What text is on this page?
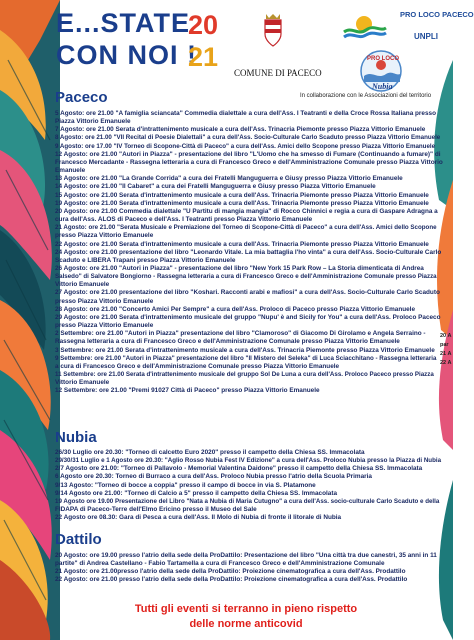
E...STATE
CON NOI !
20
21
COMUNE DI PACECO
PRO LOCO PACECO
UNPLI
PRO LOCO
Nubia
Paceco	In collaborazione con le Associazioni del territorio
5 Agosto: ore 21.00 "A famiglia sciancata" Commedia dialettale a cura dell'Ass. I Teatranti e della Croce Rossa Italiana presso
Piazza Vittorio Emanuele
7 Agosto: ore 21.00 Serata d'intrattenimento musicale a cura dell'Ass. Trinacria Piemonte presso Piazza Vittorio Emanuele
8 Agosto: ore 21.00 "VII Recital di Poesie Dialettali" a cura dell'Ass. Socio-Culturale Carlo Scaduto presso Piazza Vittorio Emanuele
9 Agosto: ore 17.00 "IV Torneo di Scopone-Città di Paceco" a cura dell'Ass. Amici dello Scopone presso Piazza Vittorio Emanuele
12 Agosto: ore 21.00 "Autori in Piazza" - presentazione del libro "L'Uomo che ha smesso di Fumare (Continuando a fumare)" di
Francesco Mercadante - Rassegna letteraria a cura di Francesco Greco e dell'Amministrazione Comunale presso Piazza Vittorio
Emanuele
13 Agosto: ore 21.00 "La Grande Corrida" a cura dei Fratelli Manguguerra e Giusy presso Piazza Vittorio Emanuele
14 Agosto: ore 21.00 "Il Cabaret" a cura dei Fratelli Manguguerra e Giusy presso Piazza Vittorio Emanuele
15 Agosto: ore 21.00 Serata d'intrattenimento musicale a cura dell'Ass. Trinacria Piemonte presso Piazza Vittorio Emanuele
19 Agosto: ore 21.00 Serata d'intrattenimento musicale a cura dell'Ass. Trinacria Piemonte presso Piazza Vittorio Emanuele
20 Agosto: ore 21.00 Commedia dialettale "U Partitu di mangia mangia" di Rocco Chinnici e regia a cura di Gaspare Adragna a
cura dell'Ass. ALOS di Paceco e dell'Ass. I Teatranti presso Piazza Vittorio Emanuele
21 Agosto: ore 21.00 "Serata Musicale e Premiazione del Torneo di Scopone-Città di Paceco" a cura dell'Ass. Amici dello Scopone
presso Piazza Vittorio Emanuele
22 Agosto: ore 21.00 Serata d'intrattenimento musicale a cura dell'Ass. Trinacria Piemonte presso Piazza Vittorio Emanuele
24 Agosto: ore 21.00 presentazione del libro "Leonardo Vitale. La mia battaglia l'ho vinta" a cura dell'Ass. Socio-Culturale Carlo
Scaduto e LIBERA Trapani presso Piazza Vittorio Emanuele
26 Agosto: ore 21.00 "Autori in Piazza" - presentazione del libro "New York 15 Park Row – La Storia dimenticata di Andrea
Salsedo" di Salvatore Bongiorno - Rassegna letteraria a cura di Francesco Greco e dell'Amministrazione Comunale presso Piazza
Vittorio Emanuele
27 Agosto: ore 21.00 presentazione del libro "Koshari. Racconti arabi e mafiosi" a cura dell'Ass. Socio-Culturale Carlo Scaduto
presso Piazza Vittorio Emanuele
28 Agosto: ore 21.00 "Concerto Amici Per Sempre" a cura dell'Ass. Proloco di Paceco presso Piazza Vittorio Emanuele
29 Agosto: ore 21.00 Serata d'intrattenimento musicale del gruppo "Nupu' è and Sicily for You" a cura dell'Ass. Proloco Paceco
presso Piazza Vittorio Emanuele
2 Settembre: ore 21.00 "Autori in Piazza" presentazione del libro "Clamoroso" di Giacomo Di Girolamo e Angela Serraino -
Rassegna letteraria a cura di Francesco Greco e dell'Amministrazione Comunale presso Piazza Vittorio Emanuele
3 Settembre: ore 21.00 Serata d'intrattenimento musicale a cura dell'Ass. Trinacria Piemonte presso Piazza Vittorio Emanuele
9 Settembre: ore 21.00 "Autori in Piazza" presentazione del libro "Il Mistero del Seleka" di Luca Sciacchitano - Rassegna letteraria
a cura di Francesco Greco e dell'Amministrazione Comunale presso Piazza Vittorio Emanuele
11 Settembre: ore 21.00 Serata d'intrattenimento musicale del gruppo Sol De Luna a cura dell'Ass. Proloco Paceco presso Piazza
Vittorio Emanuele
12 Settembre: ore 21.00 "Premi 91027 Città di Paceco" presso Piazza Vittorio Emanuele
Nubia
26/30 Luglio ore 20.30: "Torneo di calcetto Euro 2020" presso il campetto della Chiesa SS. Immacolata
29/30/31 Luglio e 1 Agosto ore 20.30: "Aglio Rosso Nubia Fest IV Edizione" a cura dell'Ass. Proloco Nubia presso la Piazza di Nubia
2/7 Agosto ore 21.00: "Torneo di Pallavolo - Memorial Valentina Daidone" presso il campetto della Chiesa SS. Immacolata
6 Agosto ore 20.30: Torneo di Burraco a cura dell'Ass. Proloco Nubia presso l'atrio della Scuola Primaria
9/13 Agosto: "Torneo di bocce a coppia" presso il campo di bocce in via S. Platamone
9/14 Agosto ore 21.00: "Torneo di Calcio a 5" presso il campetto della Chiesa SS. Immacolata
19 Agosto ore 19.00 Presentazione del Libro "Nata a Nubia di Maria Cutugno" a cura dell'Ass. socio-culturale Carlo Scaduto e della
FIDAPA di Paceco-Terre dell'Elmo Ericino presso il Museo del Sale
22 Agosto ore 08.30: Gara di Pesca a cura dell'Ass. Il Molo di Nubia di fronte il litorale di Nubia
Dattilo
20 Agosto: ore 19.00 presso l'atrio della sede della ProDattilo: Presentazione del libro "Una città tra due canestri, 35 anni in 11
partite" di Andrea Castellano - Fabio Tartamella a cura di Francesco Greco e dell'Amministrazione Comunale
21 Agosto: ore 21.00presso l'atrio della sede della ProDattilo: Proiezione cinematografica a cura dell'Ass. Prodattilo
22 Agosto: ore 21.00 presso l'atrio della sede della ProDattilo: Proiezione cinematografica a cura dell'Ass. Prodattilo
Tutti gli eventi si terranno in pieno rispetto
delle norme anticovid
20 A
par
21 A
22 A
